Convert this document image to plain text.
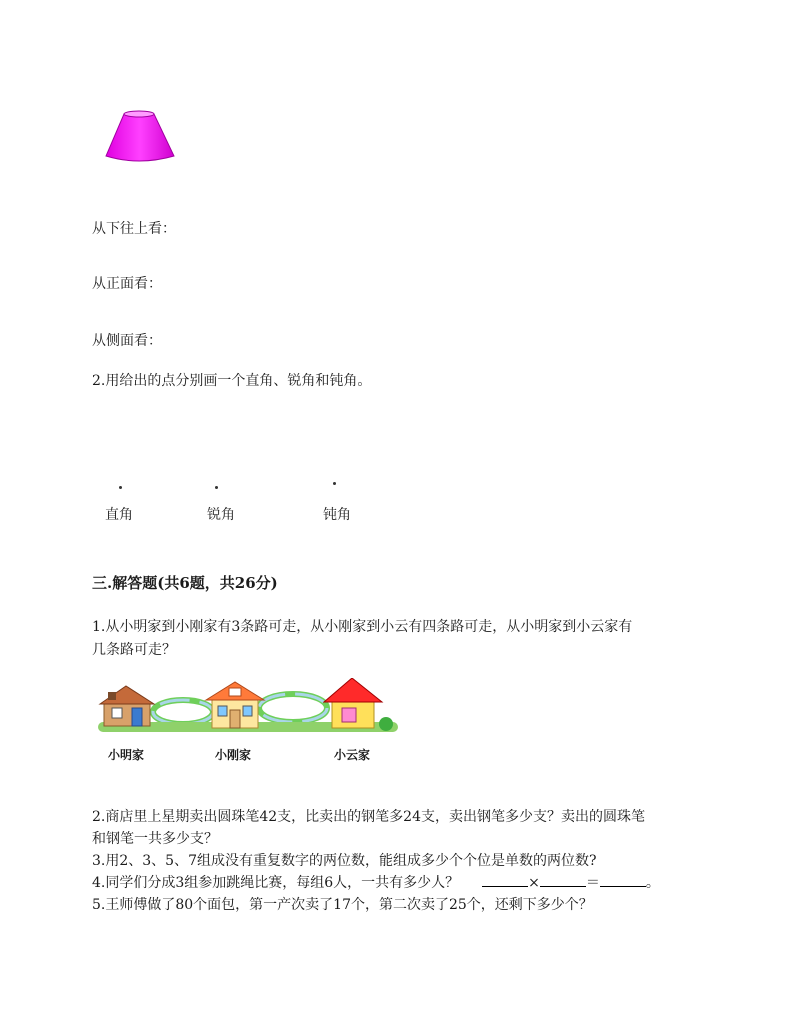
从下往上看：
从正面看：
从侧面看：
2.用给出的点分别画一个直角、锐角和钝角。
直角	锐角	钝角
三.解答题(共6题，共26分)
1.从小明家到小刚家有3条路可走，从小刚家到小云有四条路可走，从小明家到小云家有
几条路可走？
小明家	小刚家	小云家
2.商店里上星期卖出圆珠笔42支，比卖出的钢笔多24支，卖出钢笔多少支？卖出的圆珠笔
和钢笔一共多少支？
3.用2、3、5、7组成没有重复数字的两位数，能组成多少个个位是单数的两位数?
4.同学们分成3组参加跳绳比赛，每组6人，一共有多少人？	×	＝	。
5.王师傅做了80个面包，第一产次卖了17个，第二次卖了25个，还剩下多少个？
